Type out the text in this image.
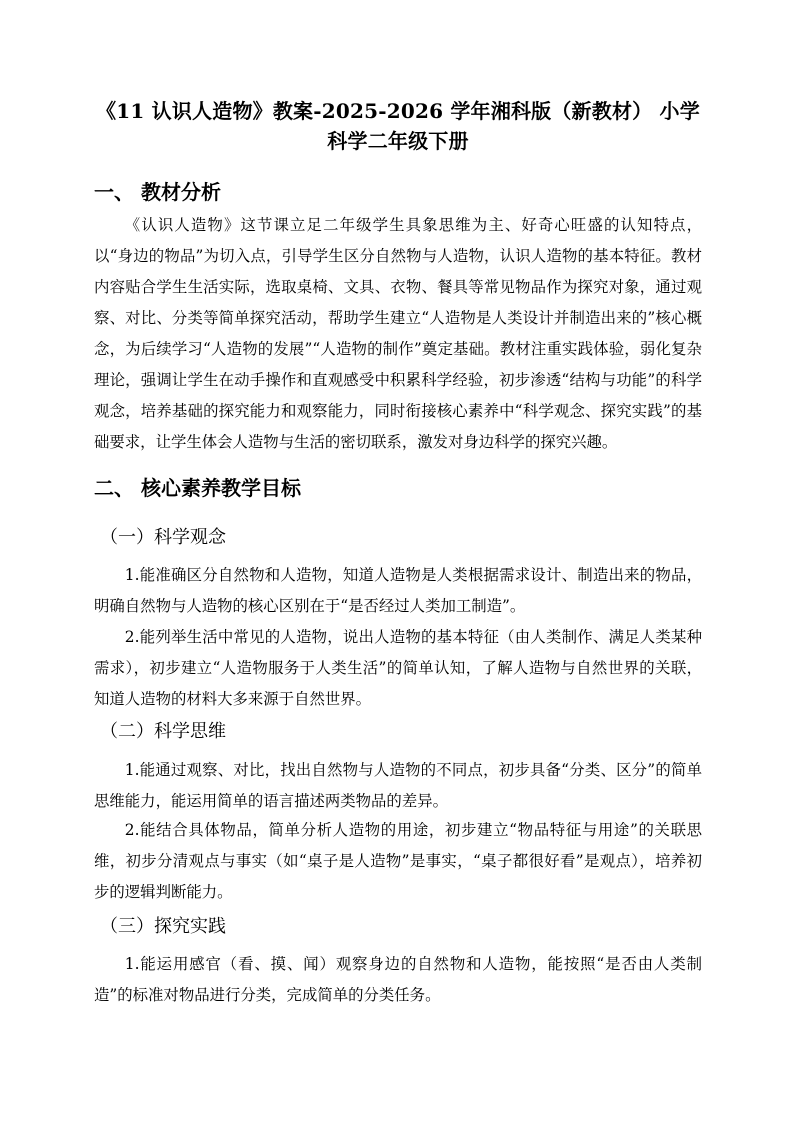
《11 认识人造物》教案-2025-2026 学年湘科版（新教材） 小学科学二年级下册
一、 教材分析
《认识人造物》这节课立足二年级学生具象思维为主、好奇心旺盛的认知特点，以“身边的物品”为切入点，引导学生区分自然物与人造物，认识人造物的基本特征。教材内容贴合学生生活实际，选取桌椅、文具、衣物、餐具等常见物品作为探究对象，通过观察、对比、分类等简单探究活动，帮助学生建立“人造物是人类设计并制造出来的”核心概念，为后续学习“人造物的发展”“人造物的制作”奠定基础。教材注重实践体验，弱化复杂理论，强调让学生在动手操作和直观感受中积累科学经验，初步渗透“结构与功能”的科学观念，培养基础的探究能力和观察能力，同时衔接核心素养中“科学观念、探究实践”的基础要求，让学生体会人造物与生活的密切联系，激发对身边科学的探究兴趣。
二、 核心素养教学目标
（一）科学观念
1.能准确区分自然物和人造物，知道人造物是人类根据需求设计、制造出来的物品，明确自然物与人造物的核心区别在于“是否经过人类加工制造”。
2.能列举生活中常见的人造物，说出人造物的基本特征（由人类制作、满足人类某种需求），初步建立“人造物服务于人类生活”的简单认知，了解人造物与自然世界的关联，知道人造物的材料大多来源于自然世界。
（二）科学思维
1.能通过观察、对比，找出自然物与人造物的不同点，初步具备“分类、区分”的简单思维能力，能运用简单的语言描述两类物品的差异。
2.能结合具体物品，简单分析人造物的用途，初步建立“物品特征与用途”的关联思维，初步分清观点与事实（如“桌子是人造物”是事实，“桌子都很好看”是观点），培养初步的逻辑判断能力。
（三）探究实践
1.能运用感官（看、摸、闻）观察身边的自然物和人造物，能按照“是否由人类制造”的标准对物品进行分类，完成简单的分类任务。
